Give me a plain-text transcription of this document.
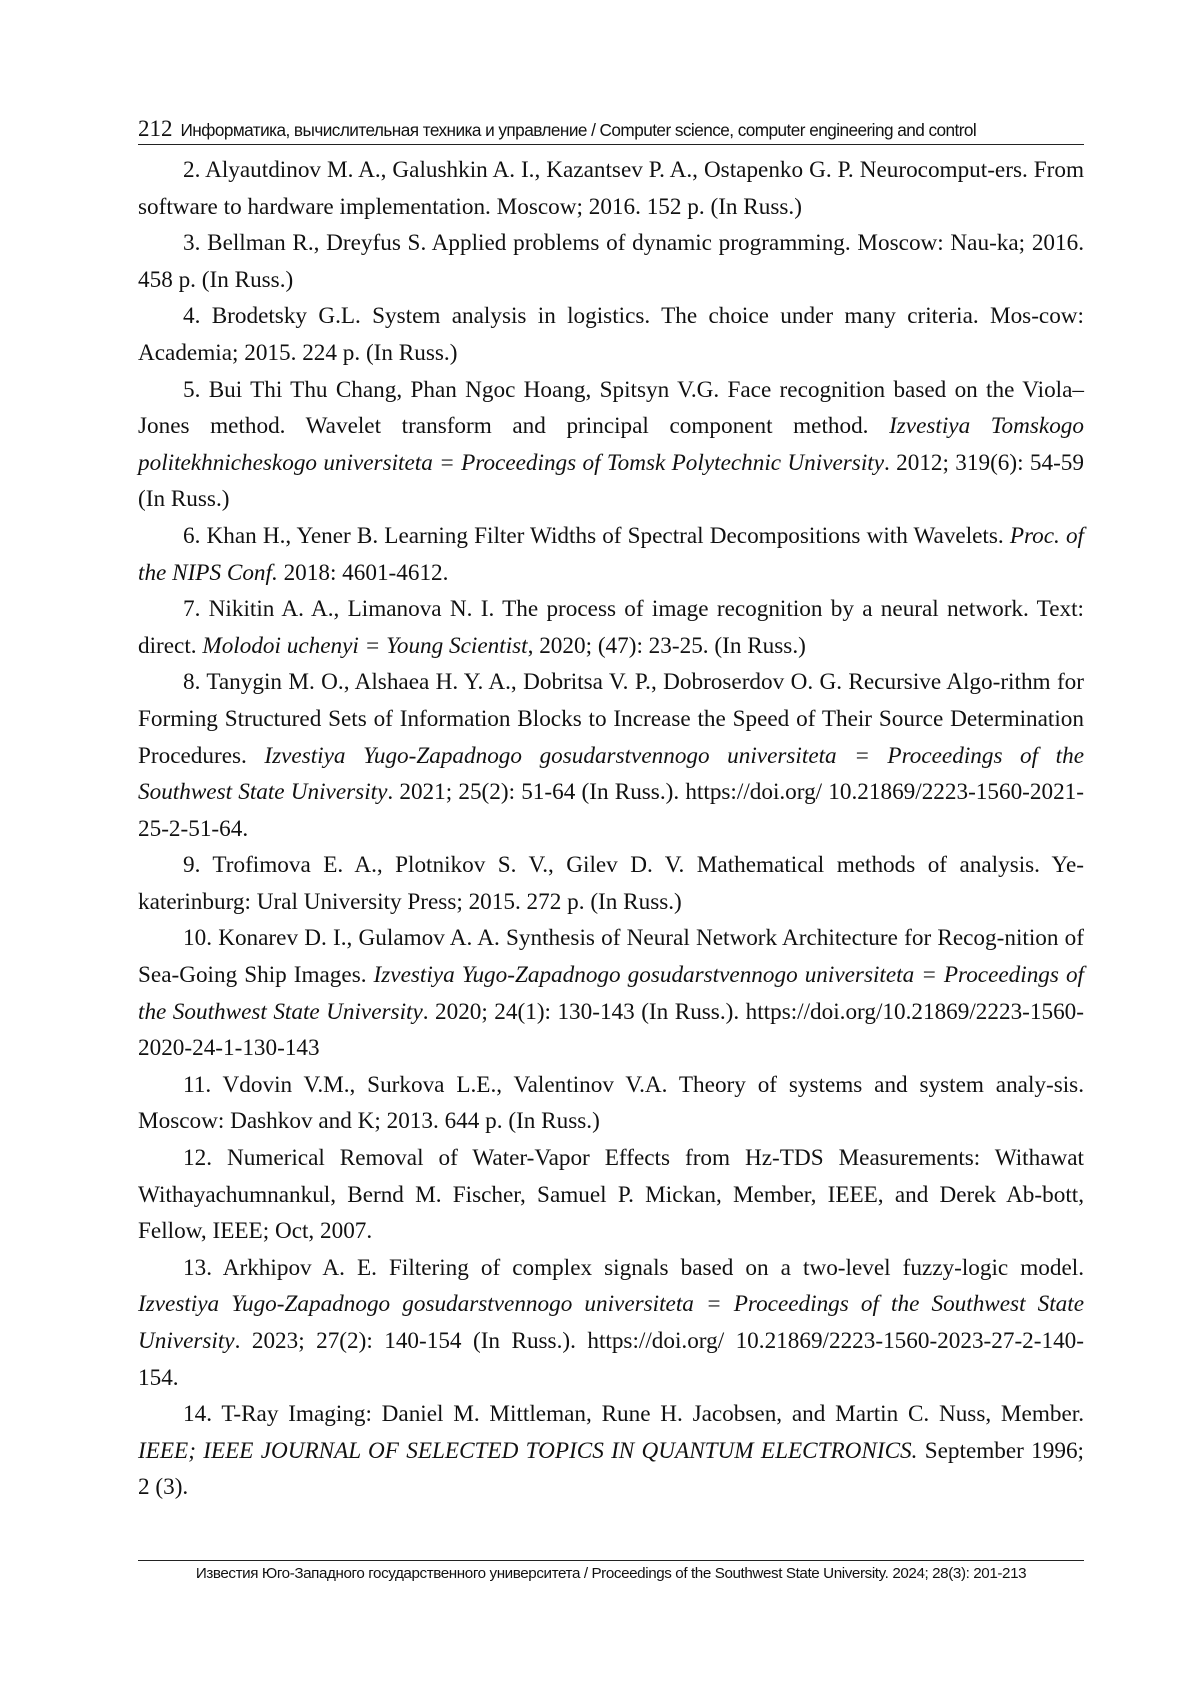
212 Информатика, вычислительная техника и управление / Computer science, computer engineering and control

2. Alyautdinov M. A., Galushkin A. I., Kazantsev P. A., Ostapenko G. P. Neurocomput-ers. From software to hardware implementation. Moscow; 2016. 152 p. (In Russ.)

3. Bellman R., Dreyfus S. Applied problems of dynamic programming. Moscow: Nau-ka; 2016. 458 p. (In Russ.)

4. Brodetsky G.L. System analysis in logistics. The choice under many criteria. Mos-cow: Academia; 2015. 224 p. (In Russ.)

5. Bui Thi Thu Chang, Phan Ngoc Hoang, Spitsyn V.G. Face recognition based on the Viola–Jones method. Wavelet transform and principal component method. Izvestiya Tomskogo politekhnicheskogo universiteta = Proceedings of Tomsk Polytechnic University. 2012; 319(6): 54-59 (In Russ.)

6. Khan H., Yener B. Learning Filter Widths of Spectral Decompositions with Wavelets. Proc. of the NIPS Conf. 2018: 4601-4612.

7. Nikitin A. A., Limanova N. I. The process of image recognition by a neural network. Text: direct. Molodoi uchenyi = Young Scientist, 2020; (47): 23-25. (In Russ.)

8. Tanygin M. O., Alshaea H. Y. A., Dobritsa V. P., Dobroserdov O. G. Recursive Algo-rithm for Forming Structured Sets of Information Blocks to Increase the Speed of Their Source Determination Procedures. Izvestiya Yugo-Zapadnogo gosudarstvennogo universiteta = Proceedings of the Southwest State University. 2021; 25(2): 51-64 (In Russ.). https://doi.org/ 10.21869/2223-1560-2021-25-2-51-64.

9. Trofimova E. A., Plotnikov S. V., Gilev D. V. Mathematical methods of analysis. Ye-katerinburg: Ural University Press; 2015. 272 p. (In Russ.)

10. Konarev D. I., Gulamov A. A. Synthesis of Neural Network Architecture for Recog-nition of Sea-Going Ship Images. Izvestiya Yugo-Zapadnogo gosudarstvennogo universiteta = Proceedings of the Southwest State University. 2020; 24(1): 130-143 (In Russ.). https://doi.org/10.21869/2223-1560-2020-24-1-130-143

11. Vdovin V.M., Surkova L.E., Valentinov V.A. Theory of systems and system analy-sis. Moscow: Dashkov and K; 2013. 644 p. (In Russ.)

12. Numerical Removal of Water-Vapor Effects from Hz-TDS Measurements: Withawat Withayachumnankul, Bernd M. Fischer, Samuel P. Mickan, Member, IEEE, and Derek Ab-bott, Fellow, IEEE; Oct, 2007.

13. Arkhipov A. E. Filtering of complex signals based on a two-level fuzzy-logic model. Izvestiya Yugo-Zapadnogo gosudarstvennogo universiteta = Proceedings of the Southwest State University. 2023; 27(2): 140-154 (In Russ.). https://doi.org/ 10.21869/2223-1560-2023-27-2-140-154.

14. T-Ray Imaging: Daniel M. Mittleman, Rune H. Jacobsen, and Martin C. Nuss, Member. IEEE; IEEE JOURNAL OF SELECTED TOPICS IN QUANTUM ELECTRONICS. September 1996; 2 (3).

Известия Юго-Западного государственного университета / Proceedings of the Southwest State University. 2024; 28(3): 201-213
